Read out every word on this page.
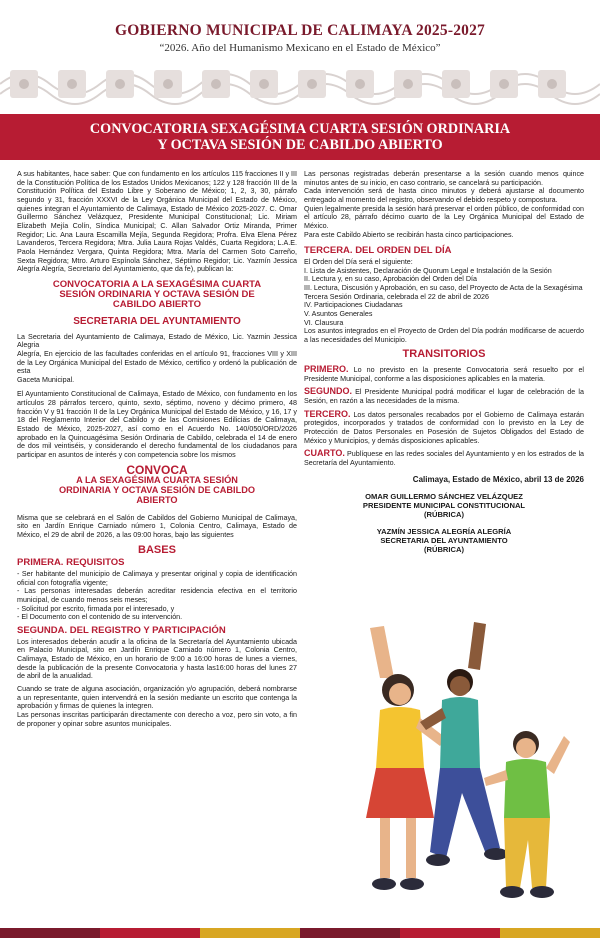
GOBIERNO MUNICIPAL DE CALIMAYA 2025-2027
“2026. Año del Humanismo Mexicano en el Estado de México”
CONVOCATORIA SEXAGÉSIMA CUARTA SESIÓN ORDINARIA
Y OCTAVA SESIÓN DE CABILDO ABIERTO

A sus habitantes, hace saber: Que con fundamento en los artículos 115 fracciones II y III de la Constitución Política de los Estados Unidos Mexicanos; 122 y 128 fracción III de la Constitución Política del Estado Libre y Soberano de México; 1, 2, 3, 30, párrafo segundo y 31, fracción XXXVI de la Ley Orgánica Municipal del Estado de México, quienes integran el Ayuntamiento de Calimaya, Estado de México 2025-2027. C. Omar Guillermo Sánchez Velázquez, Presidente Municipal Constitucional; Lic. Miriam Elizabeth Mejía Colín, Síndica Municipal; C. Allan Salvador Ortiz Miranda, Primer Regidor; Lic. Ana Laura Escamilla Mejía, Segunda Regidora; Profra. Elva Elena Pérez Lavanderos, Tercera Regidora; Mtra. Julia Laura Rojas Valdés, Cuarta Regidora; L.A.E. Paola Hernández Vergara, Quinta Regidora; Mtra. María del Carmen Soto Carreño, Sexta Regidora; Mtro. Arturo Espínola Sánchez, Séptimo Regidor; Lic. Yazmín Jessica Alegría Alegría, Secretario del Ayuntamiento, que da fe), publican la:

CONVOCATORIA A LA SEXAGÉSIMA CUARTA
SESIÓN ORDINARIA Y OCTAVA SESIÓN DE
CABILDO ABIERTO
SECRETARIA DEL AYUNTAMIENTO

La Secretaria del Ayuntamiento de Calimaya, Estado de México, Lic. Yazmin Jessica Alegria

Alegría, En ejercicio de las facultades conferidas en el artículo 91, fracciones VIII y XIII de la Ley Orgánica Municipal del Estado de México, certifico y ordenó la publicación de esta

Gaceta Municipal.

El Ayuntamiento Constitucional de Calimaya, Estado de México, con fundamento en los artículos 28 párrafos tercero, quinto, sexto, séptimo, noveno y décimo primero, 48 fracción V y 91 fracción II de la Ley Orgánica Municipal del Estado de México, y 16, 17 y 18 del Reglamento Interior del Cabildo y de las Comisiones Edilicias de Calimaya, Estado de México, 2025-2027, así como en el Acuerdo No. 140/050/ORD/2026 aprobado en la Quincuagésima Sesión Ordinaria de Cabildo, celebrada el 14 de enero de dos mil veintiséis, y considerando el derecho fundamental de los ciudadanos para participar en asuntos de interés y con competencia sobre los mismos

CONVOCA
A LA SEXAGÉSIMA CUARTA SESIÓN
ORDINARIA Y OCTAVA SESIÓN DE CABILDO
ABIERTO

Misma que se celebrará en el Salón de Cabildos del Gobierno Municipal de Calimaya, sito en Jardín Enrique Carniado número 1, Colonia Centro, Calimaya, Estado de México, el 29 de abril de 2026, a las 09:00 horas, bajo las siguientes

BASES
PRIMERA. REQUISITOS

- Ser habitante del municipio de Calimaya y presentar original y copia de identificación oficial con fotografía vigente;

- Las personas interesadas deberán acreditar residencia efectiva en el territorio municipal, de cuando menos seis meses;

- Solicitud por escrito, firmada por el interesado, y

- El Documento con el contenido de su intervención.

SEGUNDA. DEL REGISTRO Y PARTICIPACIÓN

Los interesados deberán acudir a la oficina de la Secretaría del Ayuntamiento ubicada en Palacio Municipal, sito en Jardín Enrique Carniado número 1, Colonia Centro, Calimaya, Estado de México, en un horario de 9:00 a 16:00 horas de lunes a viernes, desde la publicación de la presente Convocatoria y hasta las16:00 horas del lunes 27 de abril de la anualidad.

Cuando se trate de alguna asociación, organización y/o agrupación, deberá nombrarse a un representante, quien intervendrá en la sesión mediante un escrito que contenga la aprobación y firmas de quienes la integren.

Las personas inscritas participarán directamente con derecho a voz, pero sin voto, a fin de proponer y opinar sobre asuntos municipales.

Las personas registradas deberán presentarse a la sesión cuando menos quince minutos antes de su inicio, en caso contrario, se cancelará su participación.

Cada intervención será de hasta cinco minutos y deberá ajustarse al documento entregado al momento del registro, observando el debido respeto y compostura.

Quien legalmente presida la sesión hará preservar el orden público, de conformidad con el artículo 28, párrafo décimo cuarto de la Ley Orgánica Municipal del Estado de México.

Para este Cabildo Abierto se recibirán hasta cinco participaciones.

TERCERA. DEL ORDEN DEL DÍA
El Orden del Día será el siguiente:
I. Lista de Asistentes, Declaración de Quorum Legal e Instalación de la Sesión
II. Lectura y, en su caso, Aprobación del Orden del Día
III. Lectura, Discusión y Aprobación, en su caso, del Proyecto de Acta de la Sexagésima
Tercera Sesión Ordinaria, celebrada el 22 de abril de 2026
IV. Participaciones Ciudadanas
V. Asuntos Generales
VI. Clausura

Los asuntos integrados en el Proyecto de Orden del Día podrán modificarse de acuerdo a las necesidades del Municipio.

TRANSITORIOS

PRIMERO. Lo no previsto en la presente Convocatoria será resuelto por el Presidente Municipal, conforme a las disposiciones aplicables en la materia.

SEGUNDO. El Presidente Municipal podrá modificar el lugar de celebración de la Sesión, en razón a las necesidades de la misma.

TERCERO. Los datos personales recabados por el Gobierno de Calimaya estarán protegidos, incorporados y tratados de conformidad con lo previsto en la Ley de Protección de Datos Personales en Posesión de Sujetos Obligados del Estado de México y Municipios, y demás disposiciones aplicables.

CUARTO. Publíquese en las redes sociales del Ayuntamiento y en los estrados de la Secretaría del Ayuntamiento.

Calimaya, Estado de México, abril 13 de 2026
OMAR GUILLERMO SÁNCHEZ VELÁZQUEZ
PRESIDENTE MUNICIPAL CONSTITUCIONAL
(RÚBRICA)
YAZMÍN JESSICA ALEGRÍA ALEGRÍA
SECRETARIA DEL AYUNTAMIENTO
(RÚBRICA)
